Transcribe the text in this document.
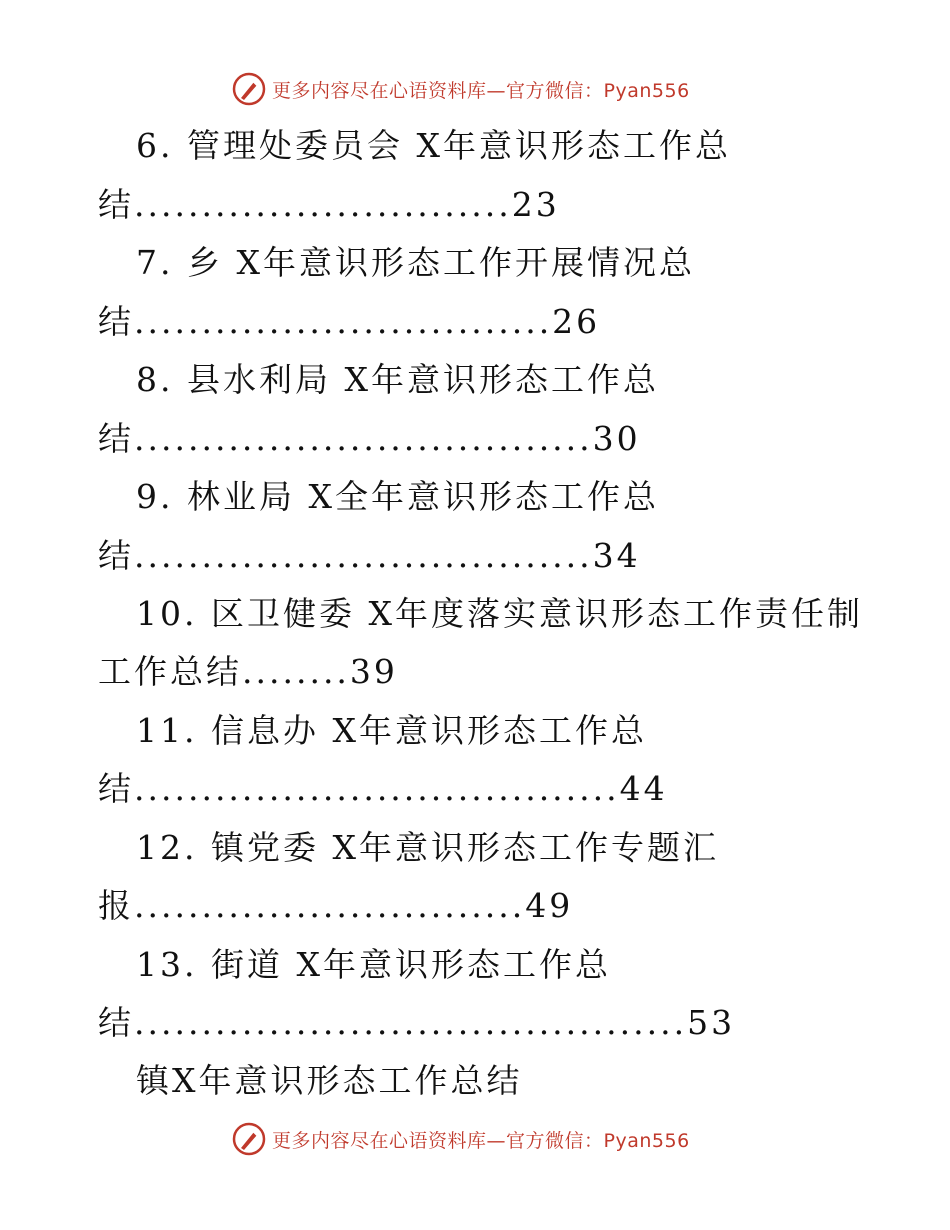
更多内容尽在心语资料库—官方微信：Pyan556
6. 管理处委员会 X年意识形态工作总
结............................23
7. 乡 X年意识形态工作开展情况总
结...............................26
8. 县水利局 X年意识形态工作总
结..................................30
9. 林业局 X全年意识形态工作总
结..................................34
10. 区卫健委 X年度落实意识形态工作责任制
工作总结........39
11. 信息办 X年意识形态工作总
结....................................44
12. 镇党委 X年意识形态工作专题汇
报.............................49
13. 街道 X年意识形态工作总
结.........................................53
镇X年意识形态工作总结
更多内容尽在心语资料库—官方微信：Pyan556
